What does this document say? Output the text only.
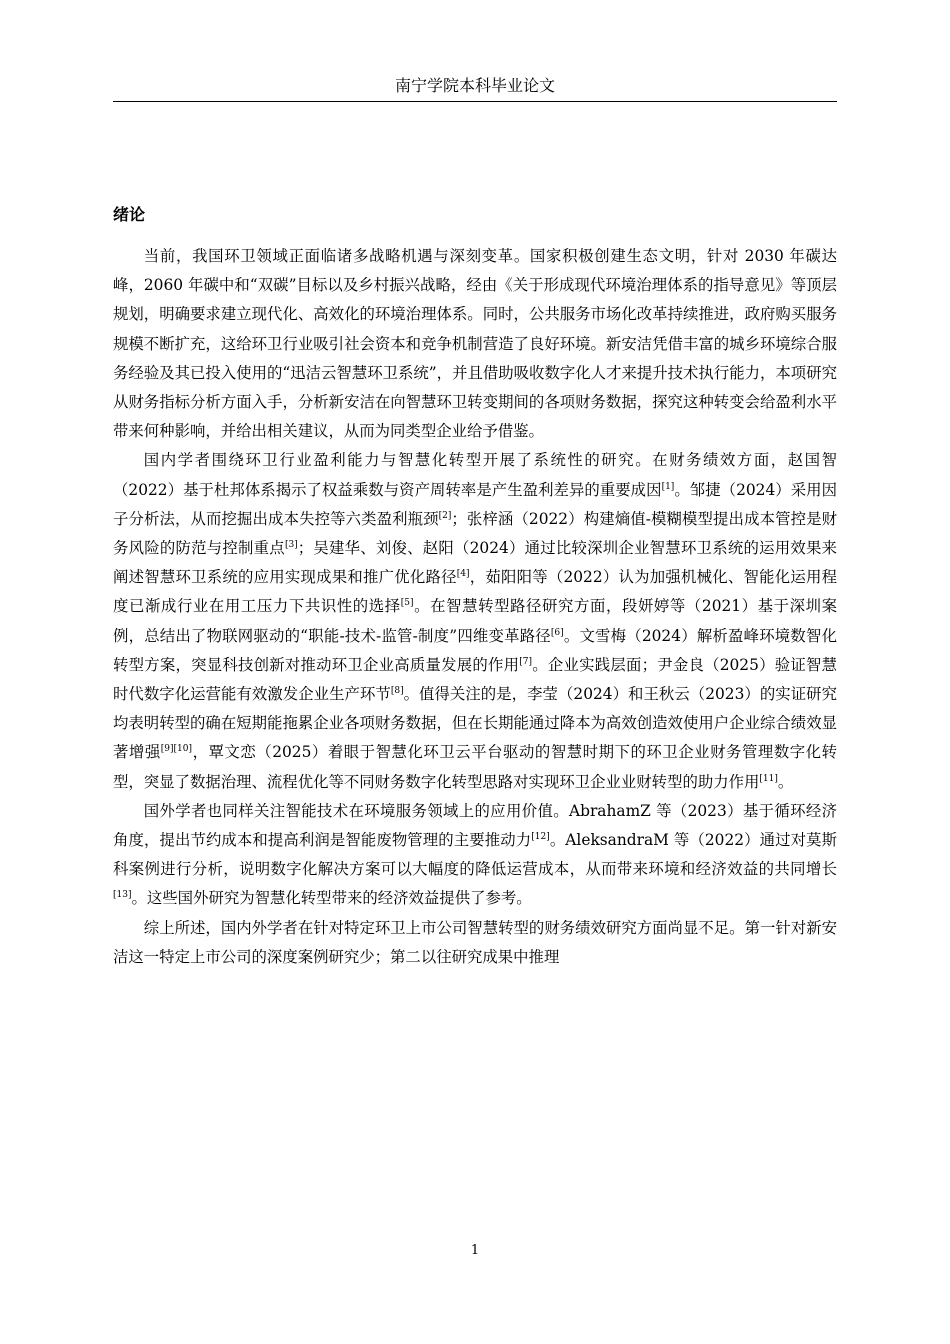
南宁学院本科毕业论文
绪论

当前，我国环卫领域正面临诸多战略机遇与深刻变革。国家积极创建生态文明，针对 2030 年碳达峰，2060 年碳中和“双碳”目标以及乡村振兴战略，经由《关于形成现代环境治理体系的指导意见》等顶层规划，明确要求建立现代化、高效化的环境治理体系。同时，公共服务市场化改革持续推进，政府购买服务规模不断扩充，这给环卫行业吸引社会资本和竞争机制营造了良好环境。新安洁凭借丰富的城乡环境综合服务经验及其已投入使用的“迅洁云智慧环卫系统”，并且借助吸收数字化人才来提升技术执行能力，本项研究从财务指标分析方面入手，分析新安洁在向智慧环卫转变期间的各项财务数据，探究这种转变会给盈利水平带来何种影响，并给出相关建议，从而为同类型企业给予借鉴。

国内学者围绕环卫行业盈利能力与智慧化转型开展了系统性的研究。在财务绩效方面，赵国智（2022）基于杜邦体系揭示了权益乘数与资产周转率是产生盈利差异的重要成因[1]。邹捷（2024）采用因子分析法，从而挖掘出成本失控等六类盈利瓶颈[2]；张梓涵（2022）构建熵值-模糊模型提出成本管控是财务风险的防范与控制重点[3]；吴建华、刘俊、赵阳（2024）通过比较深圳企业智慧环卫系统的运用效果来阐述智慧环卫系统的应用实现成果和推广优化路径[4]，茹阳阳等（2022）认为加强机械化、智能化运用程度已渐成行业在用工压力下共识性的选择[5]。在智慧转型路径研究方面，段妍婷等（2021）基于深圳案例，总结出了物联网驱动的“职能-技术-监管-制度”四维变革路径[6]。文雪梅（2024）解析盈峰环境数智化转型方案，突显科技创新对推动环卫企业高质量发展的作用[7]。企业实践层面；尹金良（2025）验证智慧时代数字化运营能有效激发企业生产环节[8]。值得关注的是，李莹（2024）和王秋云（2023）的实证研究均表明转型的确在短期能拖累企业各项财务数据，但在长期能通过降本为高效创造效使用户企业综合绩效显著增强[9][10]，覃文恋（2025）着眼于智慧化环卫云平台驱动的智慧时期下的环卫企业财务管理数字化转型，突显了数据治理、流程优化等不同财务数字化转型思路对实现环卫企业业财转型的助力作用[11]。

国外学者也同样关注智能技术在环境服务领域上的应用价值。AbrahamZ 等（2023）基于循环经济角度，提出节约成本和提高利润是智能废物管理的主要推动力[12]。AleksandraM 等（2022）通过对莫斯科案例进行分析，说明数字化解决方案可以大幅度的降低运营成本，从而带来环境和经济效益的共同增长[13]。这些国外研究为智慧化转型带来的经济效益提供了参考。

综上所述，国内外学者在针对特定环卫上市公司智慧转型的财务绩效研究方面尚显不足。第一针对新安洁这一特定上市公司的深度案例研究少；第二以往研究成果中推理

1
